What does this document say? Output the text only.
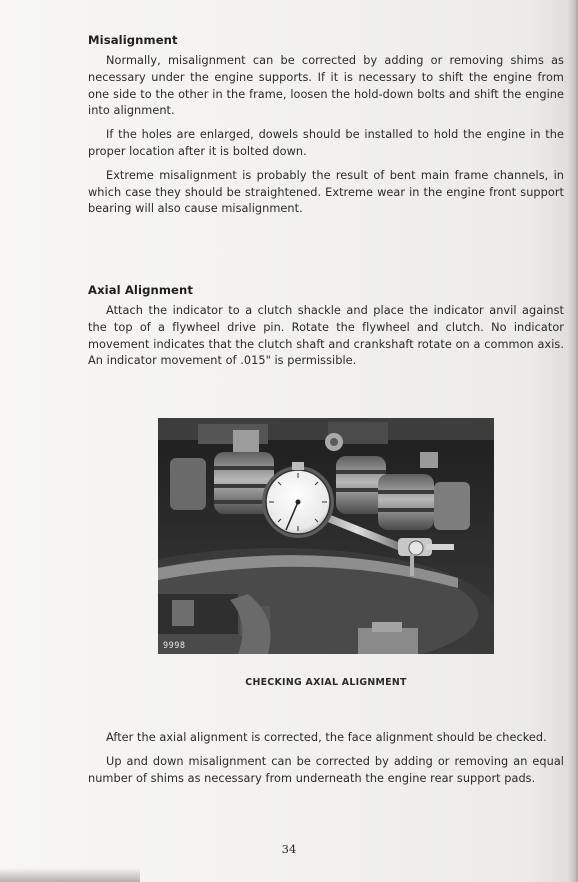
Misalignment

Normally, misalignment can be corrected by adding or removing shims as necessary under the engine supports. If it is necessary to shift the engine from one side to the other in the frame, loosen the hold-down bolts and shift the engine into alignment.

If the holes are enlarged, dowels should be installed to hold the engine in the proper location after it is bolted down.

Extreme misalignment is probably the result of bent main frame channels, in which case they should be straightened. Extreme wear in the engine front support bearing will also cause misalignment.

Axial Alignment

Attach the indicator to a clutch shackle and place the indicator anvil against the top of a flywheel drive pin. Rotate the flywheel and clutch. No indicator movement indicates that the clutch shaft and crankshaft rotate on a common axis. An indicator movement of .015" is permissible.

9998
CHECKING AXIAL ALIGNMENT

After the axial alignment is corrected, the face alignment should be checked.

Up and down misalignment can be corrected by adding or removing an equal number of shims as necessary from underneath the engine rear support pads.

34
